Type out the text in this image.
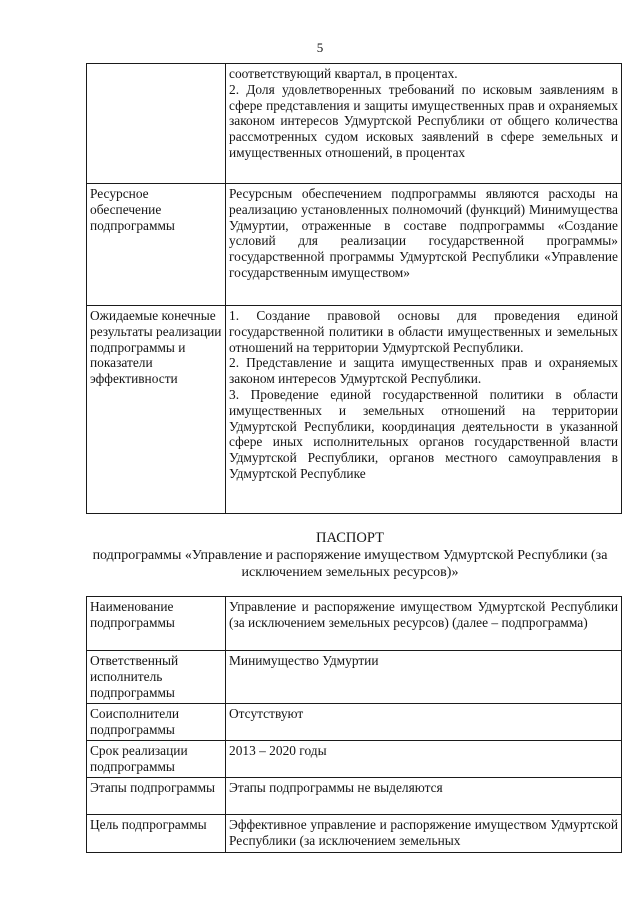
5

	соответствующий квартал, в процентах.
2. Доля удовлетворенных требований по исковым заявлениям в сфере представления и защиты имущественных прав и охраняемых законом интересов Удмуртской Республики от общего количества рассмотренных судом исковых заявлений в сфере земельных и имущественных отношений, в процентах

Ресурсное обеспечение подпрограммы	Ресурсным обеспечением подпрограммы являются расходы на реализацию установленных полномочий (функций) Минимущества Удмуртии, отраженные в составе подпрограммы «Создание условий для реализации государственной программы» государственной программы Удмуртской Республики «Управление государственным имуществом»

Ожидаемые конечные результаты реализации подпрограммы и показатели эффективности	1. Создание правовой основы для проведения единой государственной политики в области имущественных и земельных отношений на территории Удмуртской Республики.
2. Представление и защита имущественных прав и охраняемых законом интересов Удмуртской Республики.
3. Проведение единой государственной политики в области имущественных и земельных отношений на территории Удмуртской Республики, координация деятельности в указанной сфере иных исполнительных органов государственной власти Удмуртской Республики, органов местного самоуправления в Удмуртской Республике
ПАСПОРТ
подпрограммы «Управление и распоряжение имуществом Удмуртской Республики (за исключением земельных ресурсов)»
Наименование подпрограммы	Управление и распоряжение имуществом Удмуртской Республики (за исключением земельных ресурсов) (далее – подпрограмма)
Ответственный исполнитель подпрограммы	Минимущество Удмуртии
Соисполнители подпрограммы	Отсутствуют
Срок реализации подпрограммы	2013 – 2020 годы
Этапы подпрограммы	Этапы подпрограммы не выделяются
Цель подпрограммы	Эффективное управление и распоряжение имуществом Удмуртской Республики (за исключением земельных
